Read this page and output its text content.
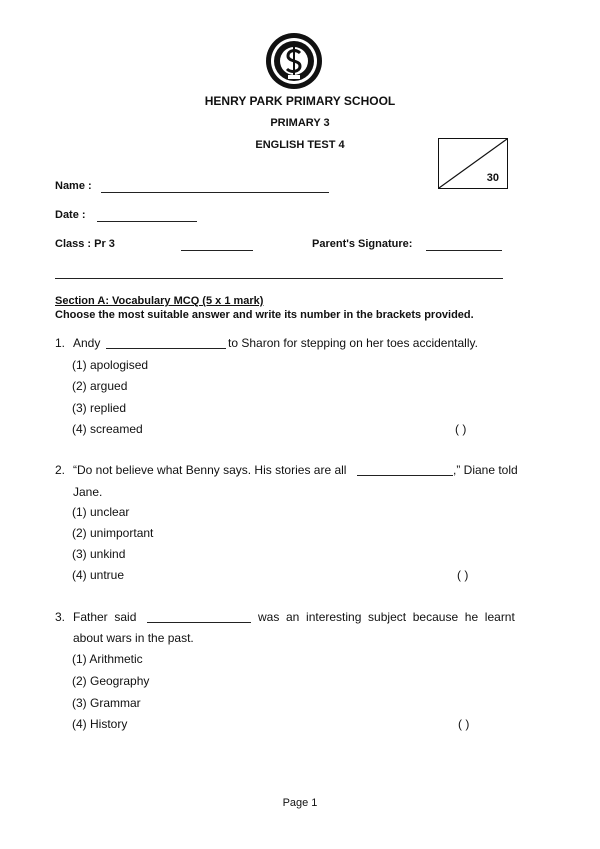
HENRY PARK PRIMARY SCHOOL
PRIMARY 3
ENGLISH TEST 4
30
Name :
Date :
Class : Pr 3	Parent's Signature:
Section A: Vocabulary MCQ (5 x 1 mark)
Choose the most suitable answer and write its number in the brackets provided.
1. Andy	to Sharon for stepping on her toes accidentally.
(1) apologised
(2) argued
(3) replied
(4) screamed	( )
2. “Do not believe what Benny says. His stories are all	,” Diane told
Jane.
(1) unclear
(2) unimportant
(3) unkind
(4) untrue	( )
3. Father  said	was  an  interesting  subject  because  he  learnt
about wars in the past.
(1) Arithmetic
(2) Geography
(3) Grammar
(4) History	( )
Page 1
